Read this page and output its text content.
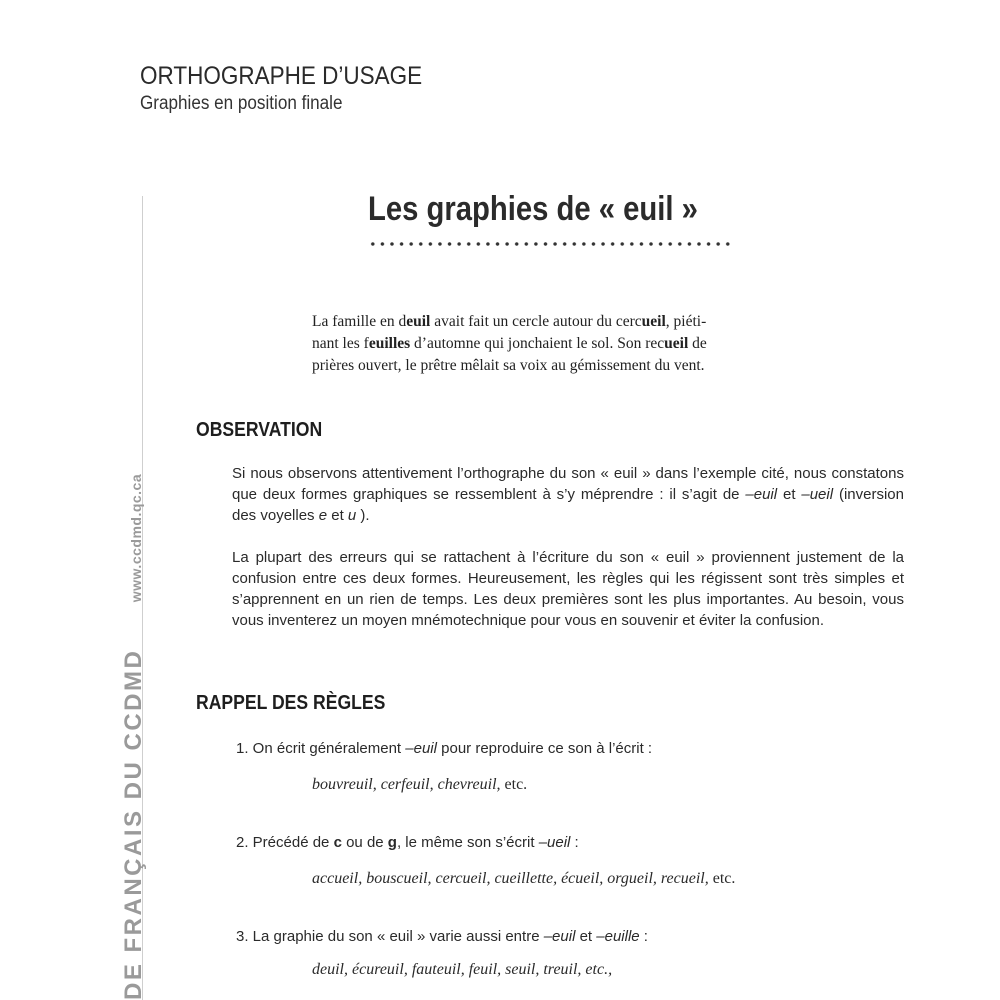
ORTHOGRAPHE D’USAGE
Graphies en position finale
DE FRANÇAIS DU CCDMD www.ccdmd.qc.ca
Les graphies de « euil »
La famille en deuil avait fait un cercle autour du cercueil, piéti-
nant les feuilles d’automne qui jonchaient le sol. Son recueil de
prières ouvert, le prêtre mêlait sa voix au gémissement du vent.
OBSERVATION
Si nous observons attentivement l’orthographe du son « euil » dans l’exemple cité, nous constatons que deux formes graphiques se ressemblent à s’y méprendre : il s’agit de –euil et –ueil (inversion des voyelles e et u ).
La plupart des erreurs qui se rattachent à l’écriture du son « euil » proviennent justement de la confusion entre ces deux formes. Heureusement, les règles qui les régissent sont très simples et s’apprennent en un rien de temps. Les deux premières sont les plus importantes. Au besoin, vous vous inventerez un moyen mnémotechnique pour vous en souvenir et éviter la confusion.
RAPPEL DES RÈGLES
1. On écrit généralement –euil pour reproduire ce son à l’écrit :
bouvreuil, cerfeuil, chevreuil, etc.
2. Précédé de c ou de g, le même son s’écrit –ueil :
accueil, bouscueil, cercueil, cueillette, écueil, orgueil, recueil, etc.
3. La graphie du son « euil » varie aussi entre –euil et –euille :
deuil, écureuil, fauteuil, feuil, seuil, treuil, etc.,
